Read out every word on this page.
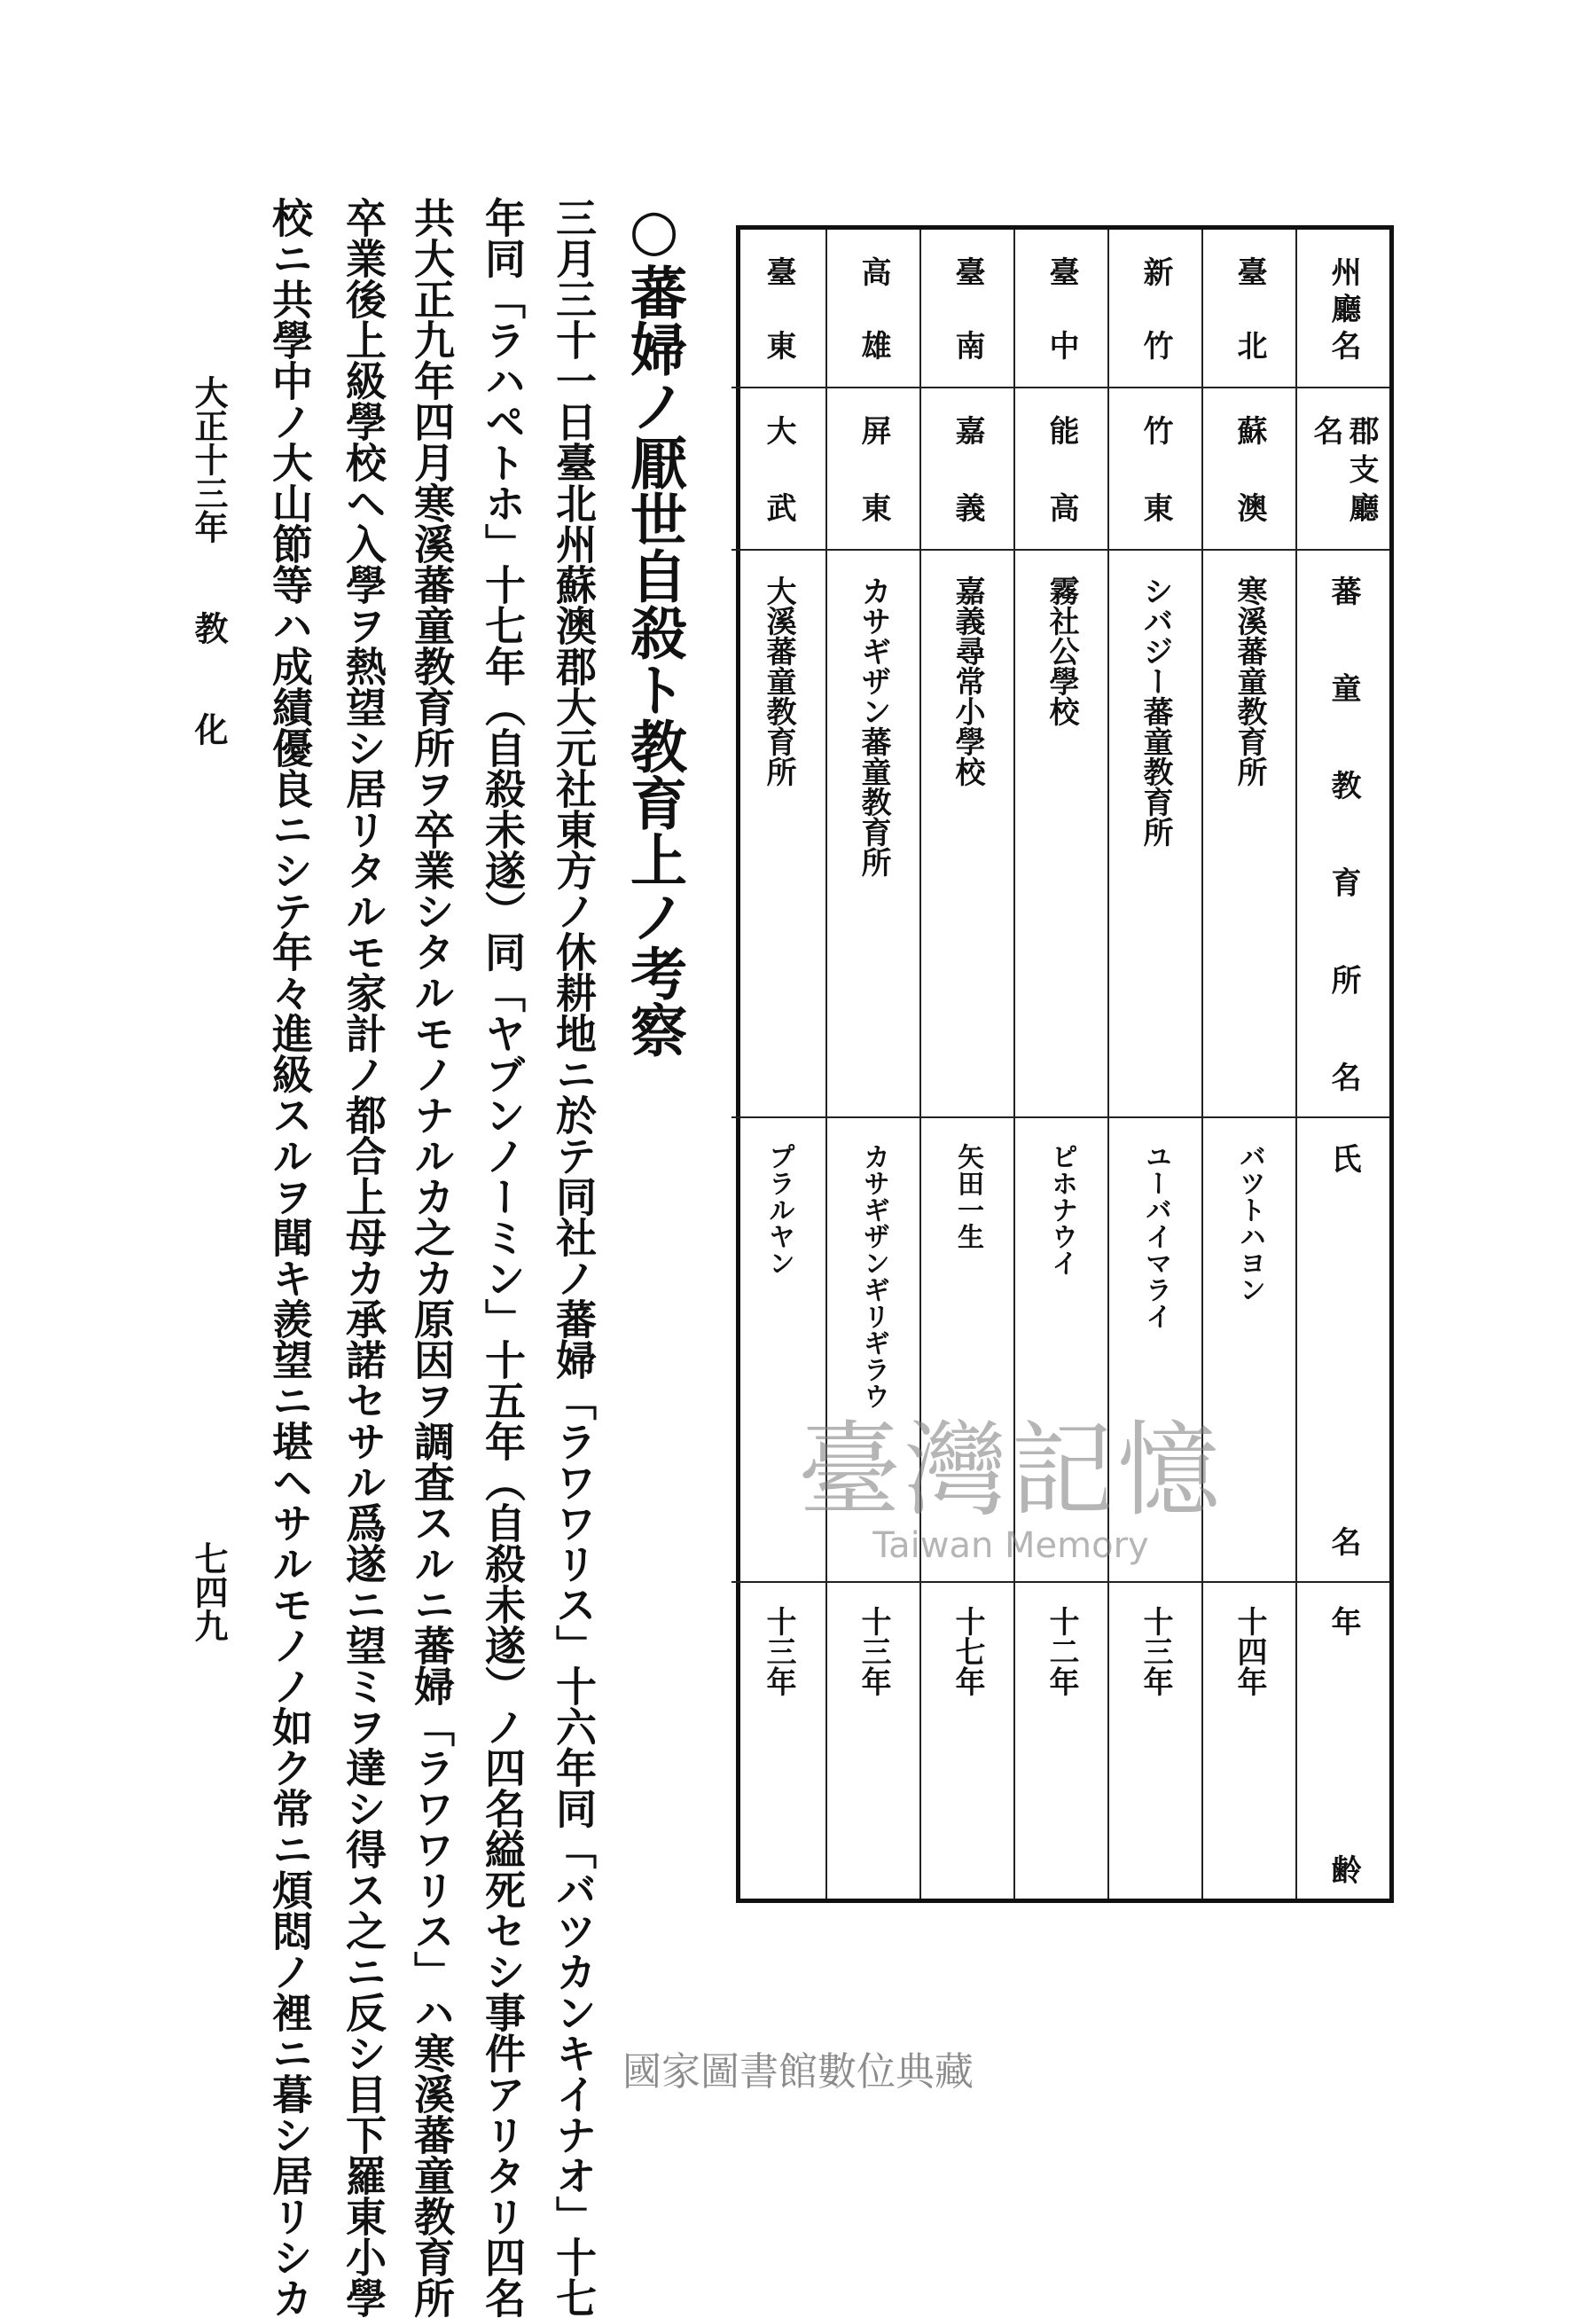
○蕃婦ノ厭世自殺ト教育上ノ考察
三月三十一日臺北州蘇澳郡大元社東方ノ休耕地ニ於テ同社ノ蕃婦「ラワワリス」十六年同「バツカンキイナオ」十七
年同「ラハペトホ」十七年（自殺未遂）同「ヤブンノーミン」十五年（自殺未遂）ノ四名縊死セシ事件アリタリ四名
共大正九年四月寒溪蕃童教育所ヲ卒業シタルモノナルカ之カ原因ヲ調査スルニ蕃婦「ラワワリス」ハ寒溪蕃童教育所
卒業後上級學校ヘ入學ヲ熱望シ居リタルモ家計ノ都合上母カ承諾セサル爲遂ニ望ミヲ達シ得ス之ニ反シ目下羅東小學
校ニ共學中ノ大山節等ハ成績優良ニシテ年々進級スルヲ聞キ羨望ニ堪ヘサルモノノ如ク常ニ煩悶ノ裡ニ暮シ居リシカ
大正十三年　　教　　化
七四九
州廳名
郡支廳名
蕃童教育所名
氏　　　　　名
年齢
臺北
蘇澳
寒溪蕃童教育所
バツトハヨン
十四年
新竹
竹東
シバジー蕃童教育所
ユーバイマライ
十三年
臺中
能高
霧社公學校
ピホナウイ
十二年
臺南
嘉義
嘉義尋常小學校
矢田一生
十七年
高雄
屏東
カサギザン蕃童教育所
カサギザンギリギラウ
十三年
臺東
大武
大溪蕃童教育所
プラルヤン
十三年
臺灣記憶
Taiwan Memory
國家圖書館數位典藏
